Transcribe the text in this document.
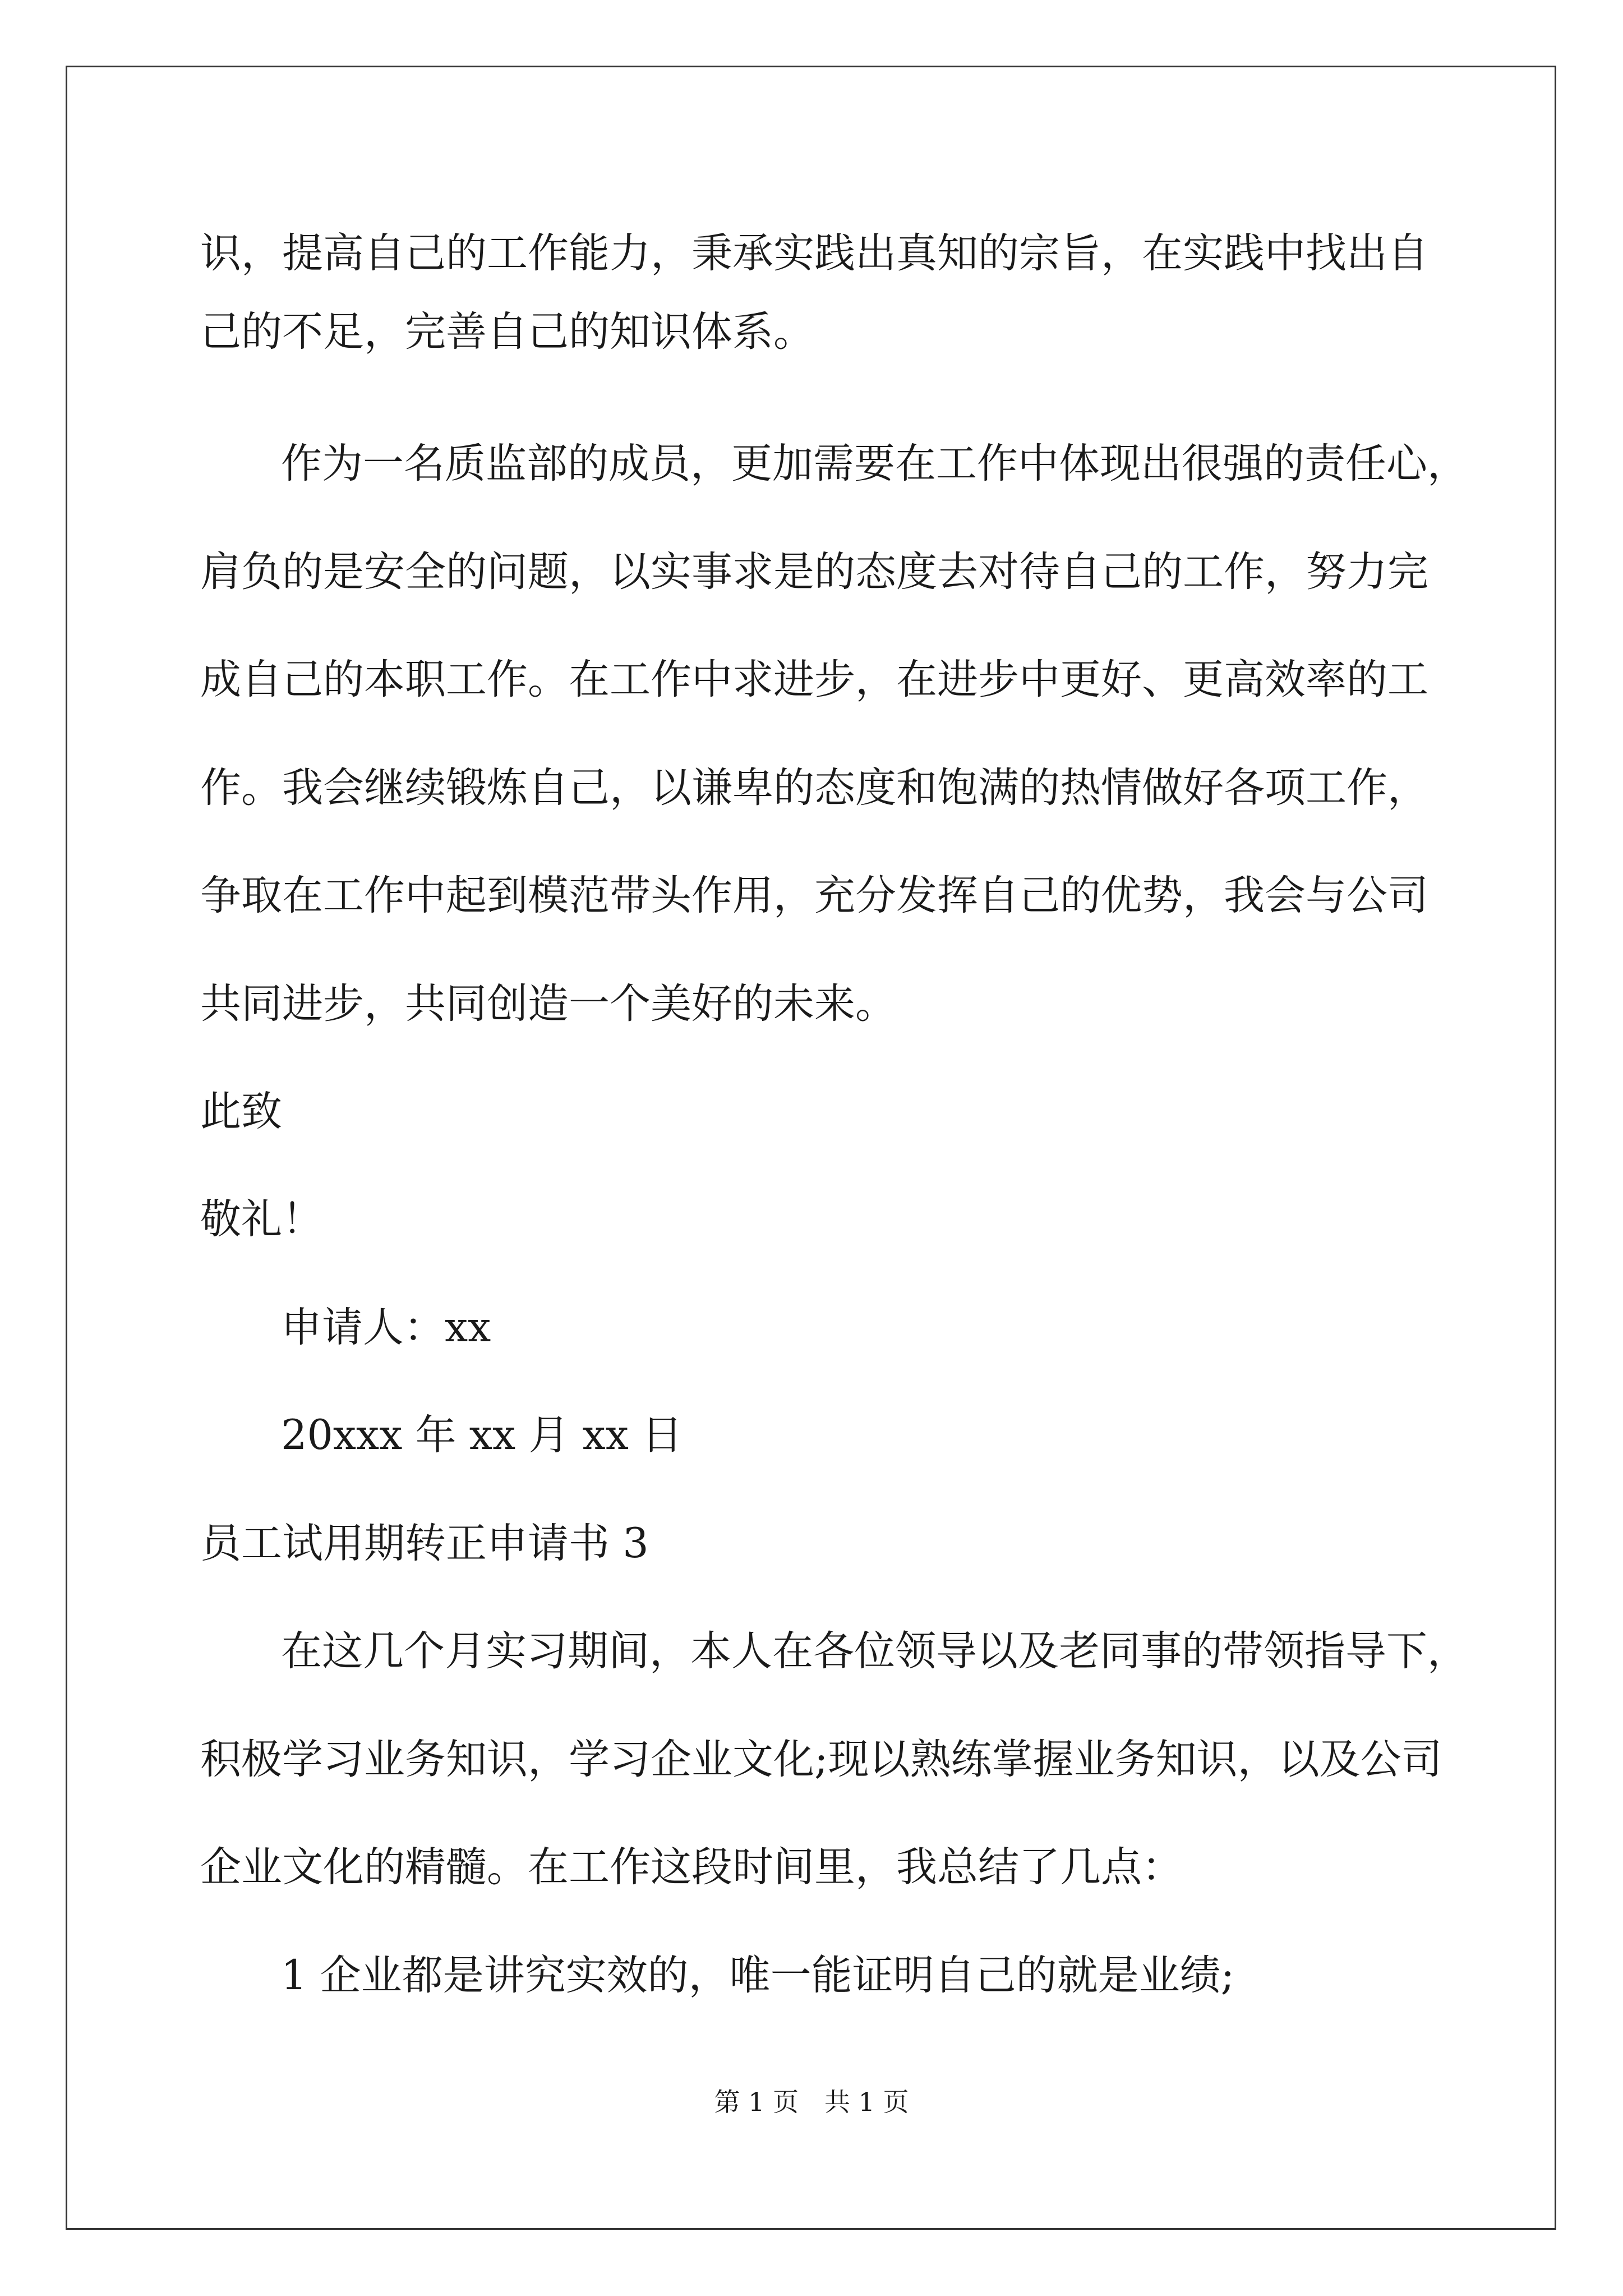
识，提高自己的工作能力，秉承实践出真知的宗旨，在实践中找出自
己的不足，完善自己的知识体系。
作为一名质监部的成员，更加需要在工作中体现出很强的责任心，
肩负的是安全的问题，以实事求是的态度去对待自己的工作，努力完
成自己的本职工作。在工作中求进步，在进步中更好、更高效率的工
作。我会继续锻炼自己，以谦卑的态度和饱满的热情做好各项工作，
争取在工作中起到模范带头作用，充分发挥自己的优势，我会与公司
共同进步，共同创造一个美好的未来。
此致
敬礼！
申请人：xx
20xxx 年 xx 月 xx 日
员工试用期转正申请书 3
在这几个月实习期间，本人在各位领导以及老同事的带领指导下，
积极学习业务知识，学习企业文化;现以熟练掌握业务知识，以及公司
企业文化的精髓。在工作这段时间里，我总结了几点：
1 企业都是讲究实效的，唯一能证明自己的就是业绩;
第 1 页　共 1 页
